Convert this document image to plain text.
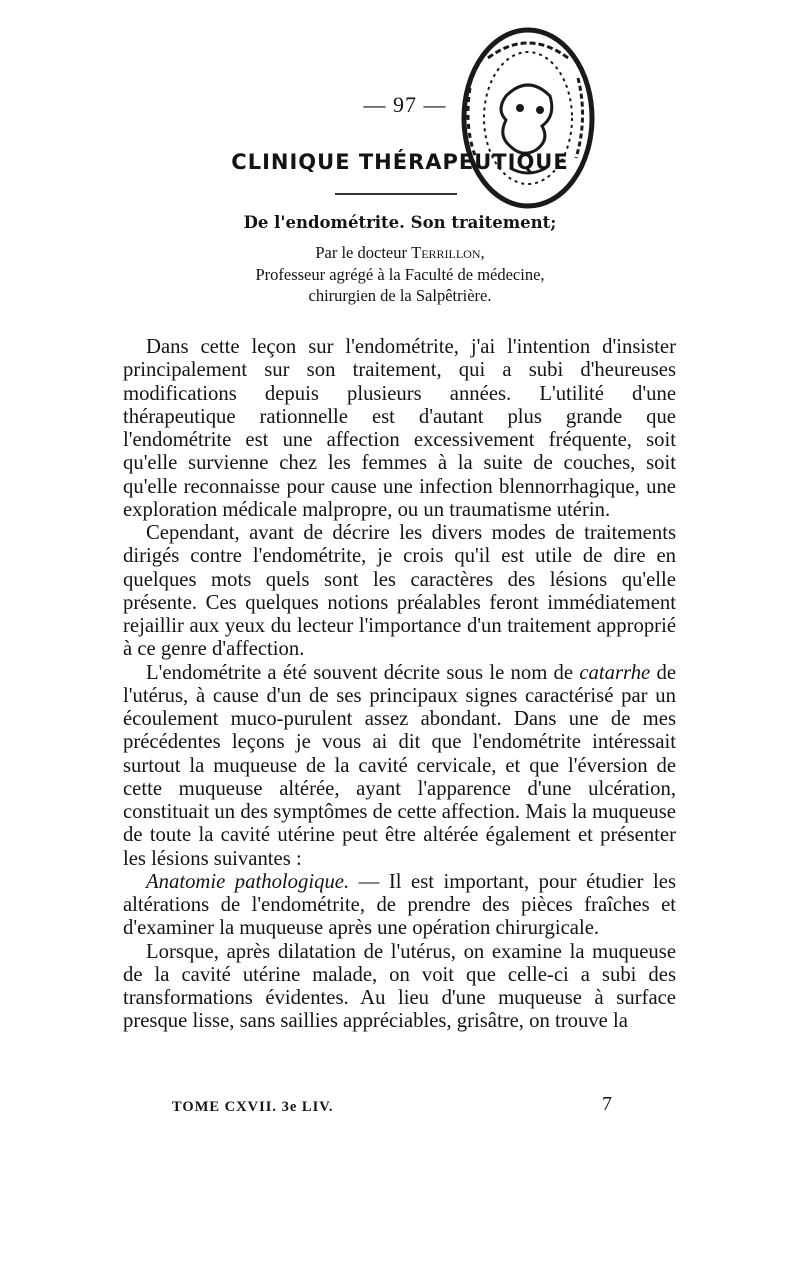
— 97 —
CLINIQUE THÉRAPEUTIQUE
De l'endométrite. Son traitement;
Par le docteur Terrillon,
Professeur agrégé à la Faculté de médecine,
chirurgien de la Salpêtrière.

Dans cette leçon sur l'endométrite, j'ai l'intention d'insister principalement sur son traitement, qui a subi d'heureuses modifications depuis plusieurs années. L'utilité d'une thérapeutique rationnelle est d'autant plus grande que l'endométrite est une affection excessivement fréquente, soit qu'elle survienne chez les femmes à la suite de couches, soit qu'elle reconnaisse pour cause une infection blennorrhagique, une exploration médicale malpropre, ou un traumatisme utérin.

Cependant, avant de décrire les divers modes de traitements dirigés contre l'endométrite, je crois qu'il est utile de dire en quelques mots quels sont les caractères des lésions qu'elle présente. Ces quelques notions préalables feront immédiatement rejaillir aux yeux du lecteur l'importance d'un traitement approprié à ce genre d'affection.

L'endométrite a été souvent décrite sous le nom de catarrhe de l'utérus, à cause d'un de ses principaux signes caractérisé par un écoulement muco-purulent assez abondant. Dans une de mes précédentes leçons je vous ai dit que l'endométrite intéressait surtout la muqueuse de la cavité cervicale, et que l'éversion de cette muqueuse altérée, ayant l'apparence d'une ulcération, constituait un des symptômes de cette affection. Mais la muqueuse de toute la cavité utérine peut être altérée également et présenter les lésions suivantes :

Anatomie pathologique. — Il est important, pour étudier les altérations de l'endométrite, de prendre des pièces fraîches et d'examiner la muqueuse après une opération chirurgicale.

Lorsque, après dilatation de l'utérus, on examine la muqueuse de la cavité utérine malade, on voit que celle-ci a subi des transformations évidentes. Au lieu d'une muqueuse à surface presque lisse, sans saillies appréciables, grisâtre, on trouve la

TOME CXVII. 3e LIV.	7
